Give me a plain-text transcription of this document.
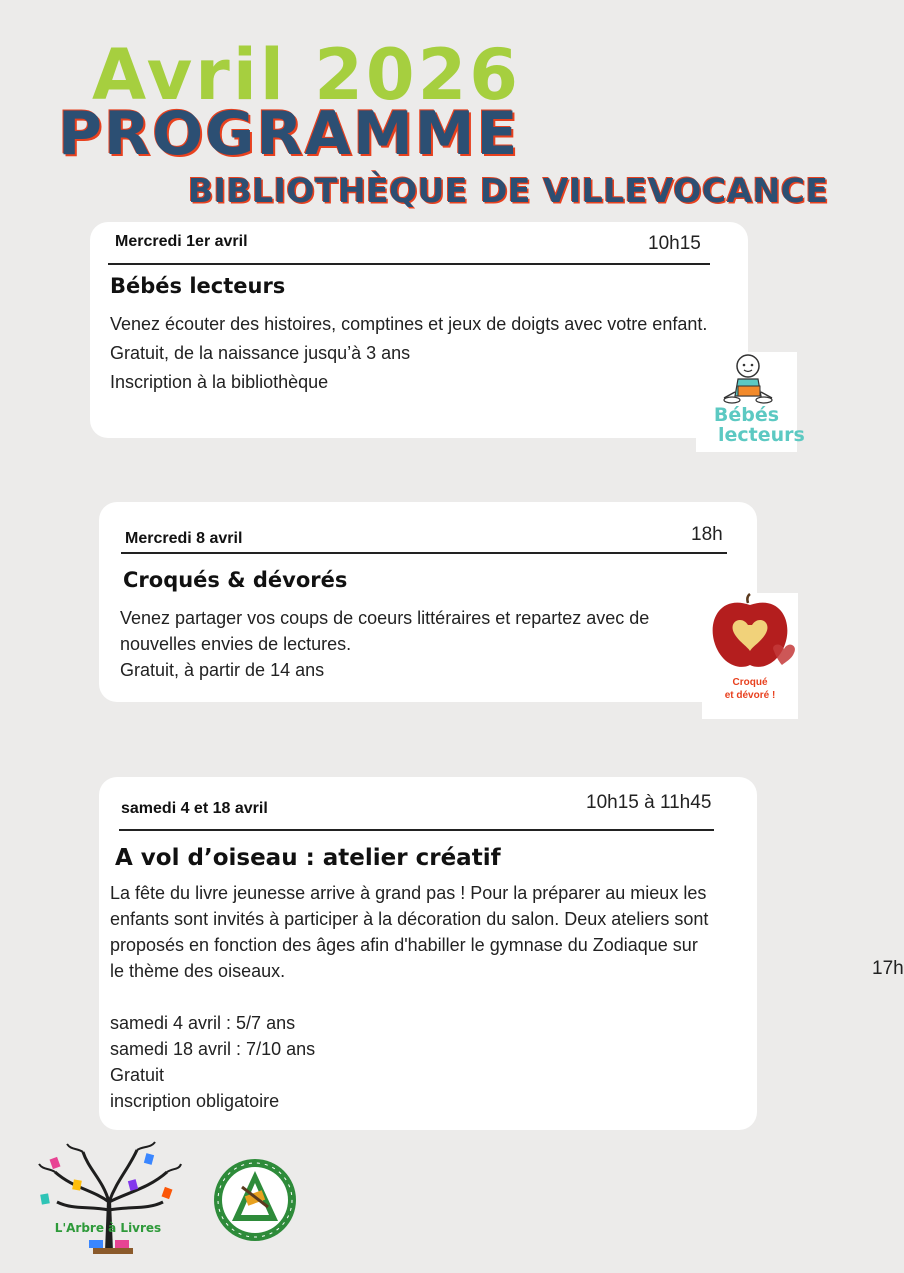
Avril 2026
PROGRAMME
BIBLIOTHÈQUE DE VILLEVOCANCE
Mercredi 1er avril	10h15
Bébés lecteurs

Venez écouter des histoires, comptines et jeux de doigts avec votre enfant.

Gratuit, de la naissance jusqu’à 3 ans

Inscription à la bibliothèque

Bébés
lecteurs
Mercredi 8 avril	18h
Croqués & dévorés

Venez partager vos coups de coeurs littéraires et repartez avec de nouvelles envies de lectures.

Gratuit, à partir de 14 ans

Croqué
et dévoré !
samedi 4 et 18 avril	10h15 à 11h45
A vol d’oiseau : atelier créatif

La fête du livre jeunesse arrive à grand pas ! Pour la préparer au mieux les enfants sont invités à participer à la décoration du salon. Deux ateliers sont proposés en fonction des âges afin d'habiller le gymnase du Zodiaque sur le thème des oiseaux.

samedi 4 avril : 5/7 ans

samedi 18 avril : 7/10 ans

Gratuit

inscription obligatoire

17h
L'Arbre à Livres
